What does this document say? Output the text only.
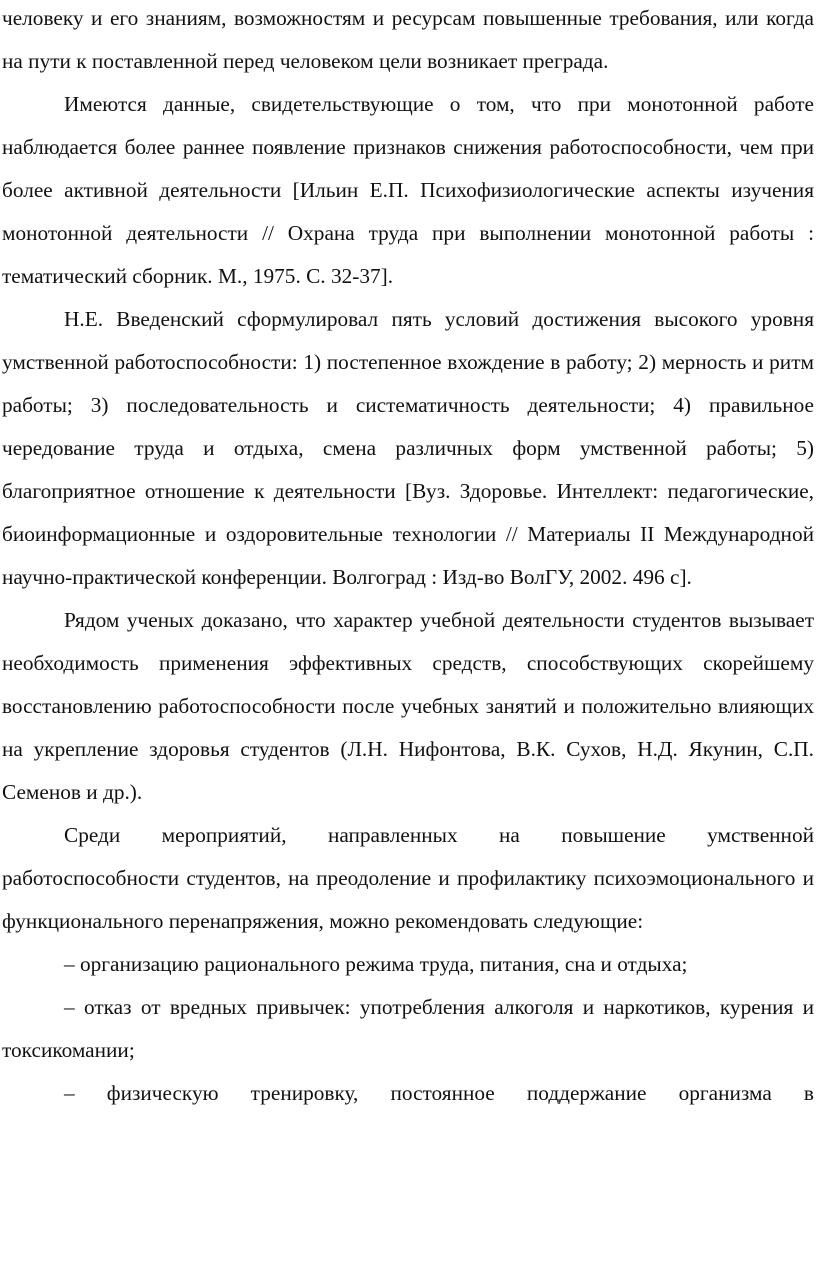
человеку и его знаниям, возможностям и ресурсам повышенные требования, или когда на пути к поставленной перед человеком цели возникает преграда.

Имеются данные, свидетельствующие о том, что при монотонной работе наблюдается более раннее появление признаков снижения работоспособности, чем при более активной деятельности [Ильин Е.П. Психофизиологические аспекты изучения монотонной деятельности // Охрана труда при выполнении монотонной работы : тематический сборник. М., 1975. С. 32-37].

Н.Е. Введенский сформулировал пять условий достижения высокого уровня умственной работоспособности: 1) постепенное вхождение в работу; 2) мерность и ритм работы; 3) последовательность и систематичность деятельности; 4) правильное чередование труда и отдыха, смена различных форм умственной работы; 5) благоприятное отношение к деятельности [Вуз. Здоровье. Интеллект: педагогические, биоинформационные и оздоровительные технологии // Материалы II Международной научно-практической конференции. Волгоград : Изд-во ВолГУ, 2002. 496 с].

Рядом ученых доказано, что характер учебной деятельности студентов вызывает необходимость применения эффективных средств, способствующих скорейшему восстановлению работоспособности после учебных занятий и положительно влияющих на укрепление здоровья студентов (Л.Н. Нифонтова, В.К. Сухов, Н.Д. Якунин, С.П. Семенов и др.).

Среди мероприятий, направленных на повышение умственной работоспособности студентов, на преодоление и профилактику психоэмоционального и функционального перенапряжения, можно рекомендовать следующие:

– организацию рационального режима труда, питания, сна и отдыха;

– отказ от вредных привычек: употребления алкоголя и наркотиков, курения и токсикомании;

– физическую тренировку, постоянное поддержание организма в
